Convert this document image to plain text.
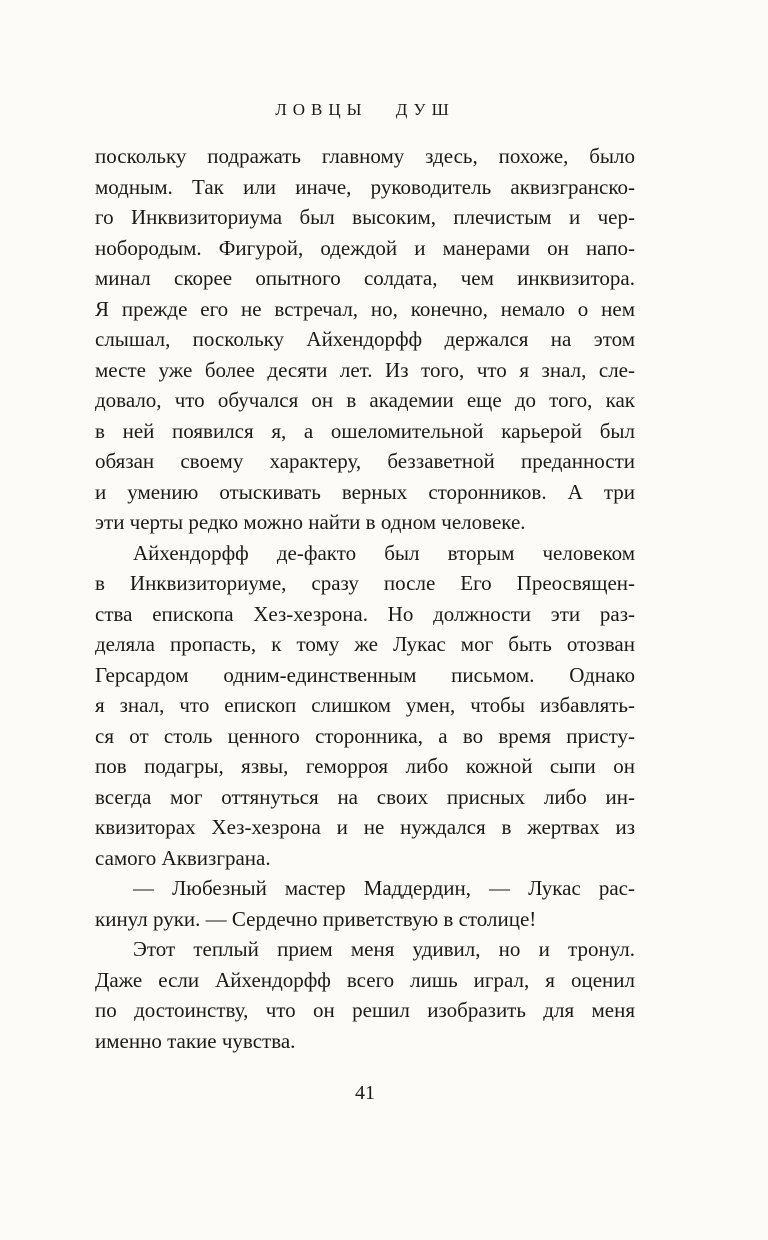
ЛОВЦЫ ДУШ
поскольку подражать главному здесь, похоже, было
модным. Так или иначе, руководитель аквизгранско-
го Инквизиториума был высоким, плечистым и чер-
нобородым. Фигурой, одеждой и манерами он напо-
минал скорее опытного солдата, чем инквизитора.
Я прежде его не встречал, но, конечно, немало о нем
слышал, поскольку Айхендорфф держался на этом
месте уже более десяти лет. Из того, что я знал, сле-
довало, что обучался он в академии еще до того, как
в ней появился я, а ошеломительной карьерой был
обязан своему характеру, беззаветной преданности
и умению отыскивать верных сторонников. А три
эти черты редко можно найти в одном человеке.
Айхендорфф де-факто был вторым человеком
в Инквизиториуме, сразу после Его Преосвящен-
ства епископа Хез-хезрона. Но должности эти раз-
деляла пропасть, к тому же Лукас мог быть отозван
Герсардом одним-единственным письмом. Однако
я знал, что епископ слишком умен, чтобы избавлять-
ся от столь ценного сторонника, а во время присту-
пов подагры, язвы, геморроя либо кожной сыпи он
всегда мог оттянуться на своих присных либо ин-
квизиторах Хез-хезрона и не нуждался в жертвах из
самого Аквизграна.
— Любезный мастер Маддердин, — Лукас рас-
кинул руки. — Сердечно приветствую в столице!
Этот теплый прием меня удивил, но и тронул.
Даже если Айхендорфф всего лишь играл, я оценил
по достоинству, что он решил изобразить для меня
именно такие чувства.
41
